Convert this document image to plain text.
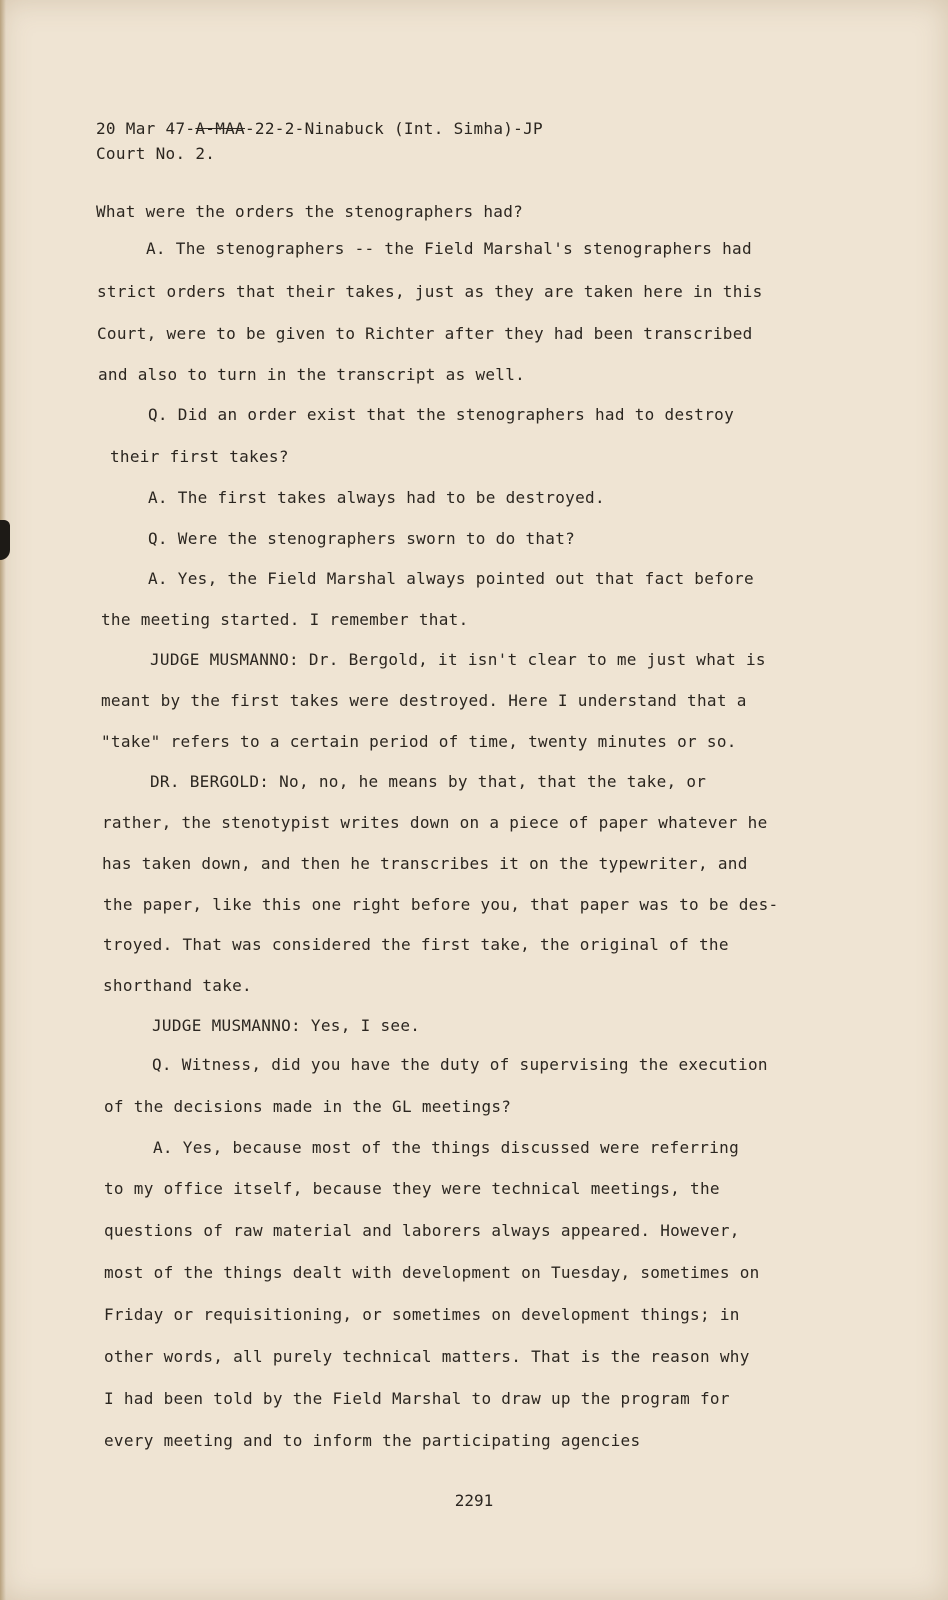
20 Mar 47-A-MAA-22-2-Ninabuck (Int. Simha)-JP
Court No. 2.
What were the orders the stenographers had?
A. The stenographers -- the Field Marshal's stenographers had
strict orders that their takes, just as they are taken here in this
Court, were to be given to Richter after they had been transcribed
and also to turn in the transcript as well.
Q. Did an order exist that the stenographers had to destroy
their first takes?
A. The first takes always had to be destroyed.
Q. Were the stenographers sworn to do that?
A. Yes, the Field Marshal always pointed out that fact before
the meeting started. I remember that.
JUDGE MUSMANNO: Dr. Bergold, it isn't clear to me just what is
meant by the first takes were destroyed. Here I understand that a
"take" refers to a certain period of time, twenty minutes or so.
DR. BERGOLD: No, no, he means by that, that the take, or
rather, the stenotypist writes down on a piece of paper whatever he
has taken down, and then he transcribes it on the typewriter, and
the paper, like this one right before you, that paper was to be des-
troyed. That was considered the first take, the original of the
shorthand take.
JUDGE MUSMANNO: Yes, I see.
Q. Witness, did you have the duty of supervising the execution
of the decisions made in the GL meetings?
A. Yes, because most of the things discussed were referring
to my office itself, because they were technical meetings, the
questions of raw material and laborers always appeared. However,
most of the things dealt with development on Tuesday, sometimes on
Friday or requisitioning, or sometimes on development things; in
other words, all purely technical matters. That is the reason why
I had been told by the Field Marshal to draw up the program for
every meeting and to inform the participating agencies
2291
